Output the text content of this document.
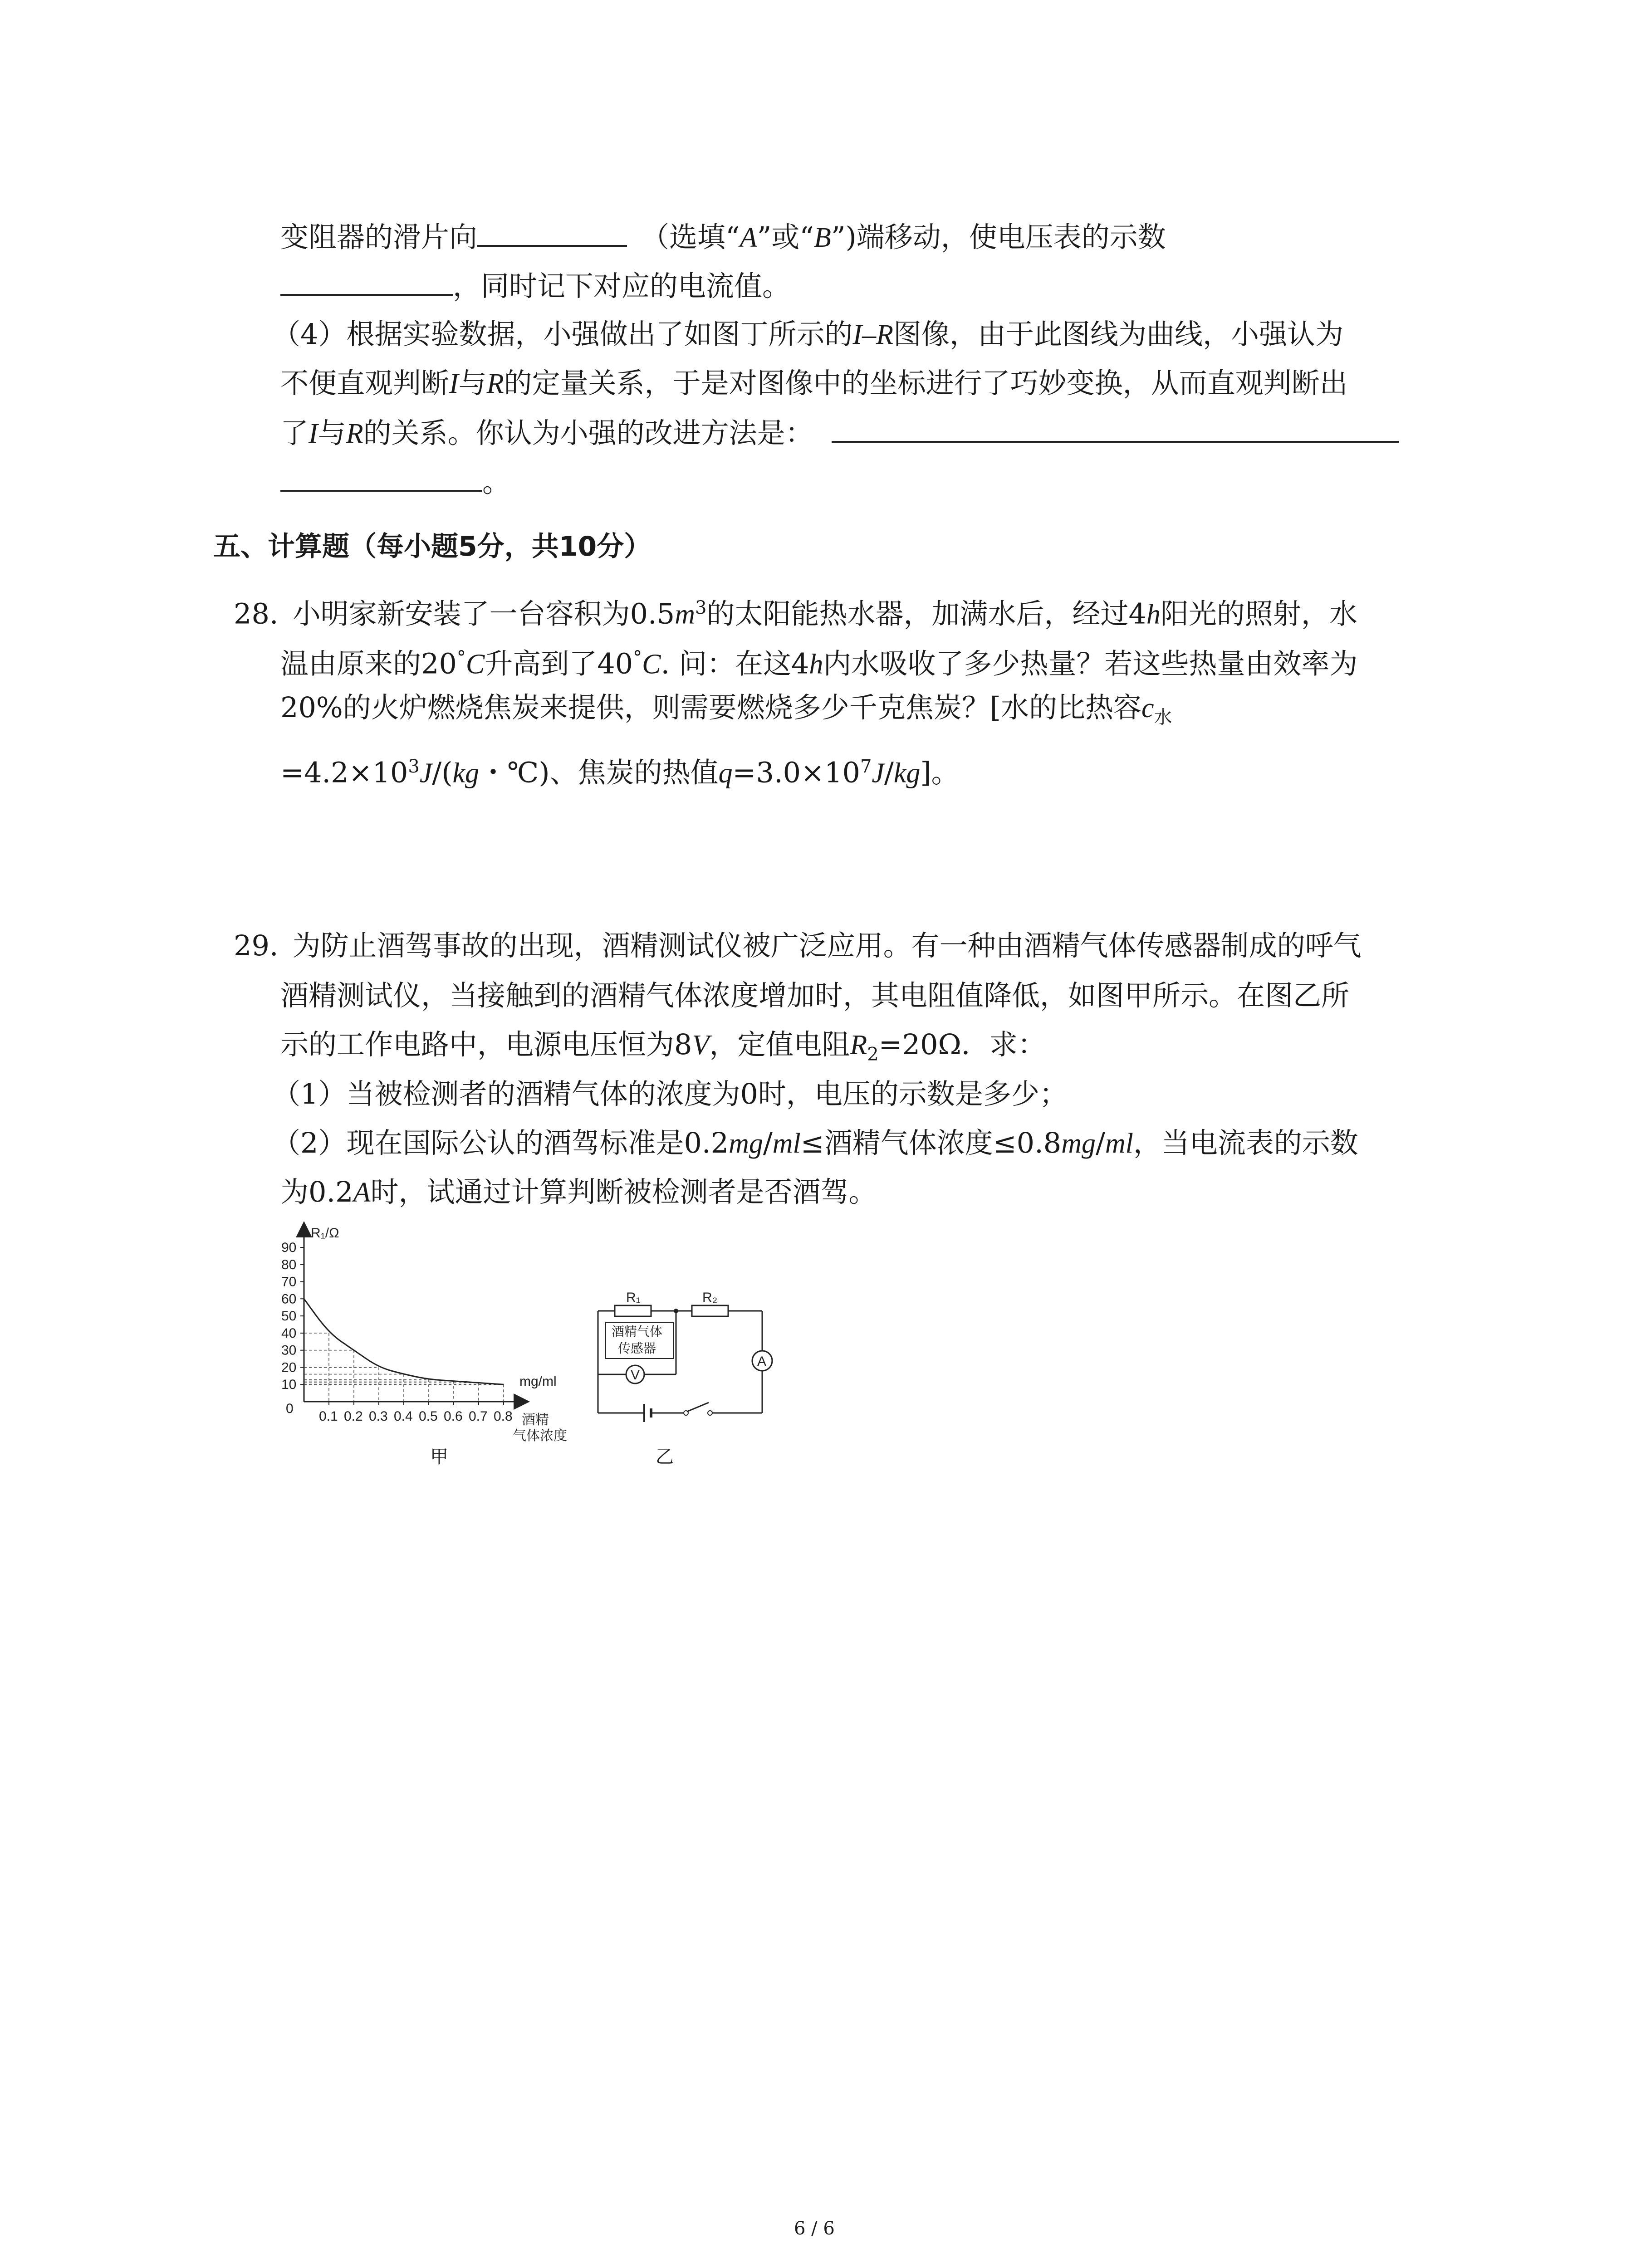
变阻器的滑片向 	（选填“A”或“B”)端移动，使电压表的示数
，同时记下对应的电流值。
（4）根据实验数据，小强做出了如图丁所示的I–R图像，由于此图线为曲线，小强认为
不便直观判断I与R的定量关系，于是对图像中的坐标进行了巧妙变换，从而直观判断出
了I与R的关系。你认为小强的改进方法是：
。
五、计算题（每小题5分，共10分）
28.  小明家新安装了一台容积为$0.5m^3$的太阳能热水器，加满水后，经过4h阳光的照射，水
温由原来的20°C升高到了40°C. 问：在这4h内水吸收了多少热量？若这些热量由效率为
20%的火炉燃烧焦炭来提供，则需要燃烧多少千克焦炭？[水的比热容$c_水$
$=4.2\times 10^3J/(kg$・℃)、焦炭的热值$q=3.0\times 10^7J/kg$]。
29.  为防止酒驾事故的出现，酒精测试仪被广泛应用。有一种由酒精气体传感器制成的呼气
酒精测试仪，当接触到的酒精气体浓度增加时，其电阻值降低，如图甲所示。在图乙所
示的工作电路中，电源电压恒为8V，定值电阻$R_2=20\Omega$．求：
（1）当被检测者的酒精气体的浓度为0时，电压的示数是多少；
（2）现在国际公认的酒驾标准是0.2mg/ml≤酒精气体浓度≤0.8mg/ml，当电流表的示数
为0.2A时，试通过计算判断被检测者是否酒驾。
90
80
70
60
50
40
30
20
10
0.1 0.2 0.3 0.4 0.5 0.6 0.7 0.8
R₁/Ω
0
mg/ml
酒精
气体浓度
甲
R₁	R₂
A
酒精气体
传感器
V
乙
6 / 6
